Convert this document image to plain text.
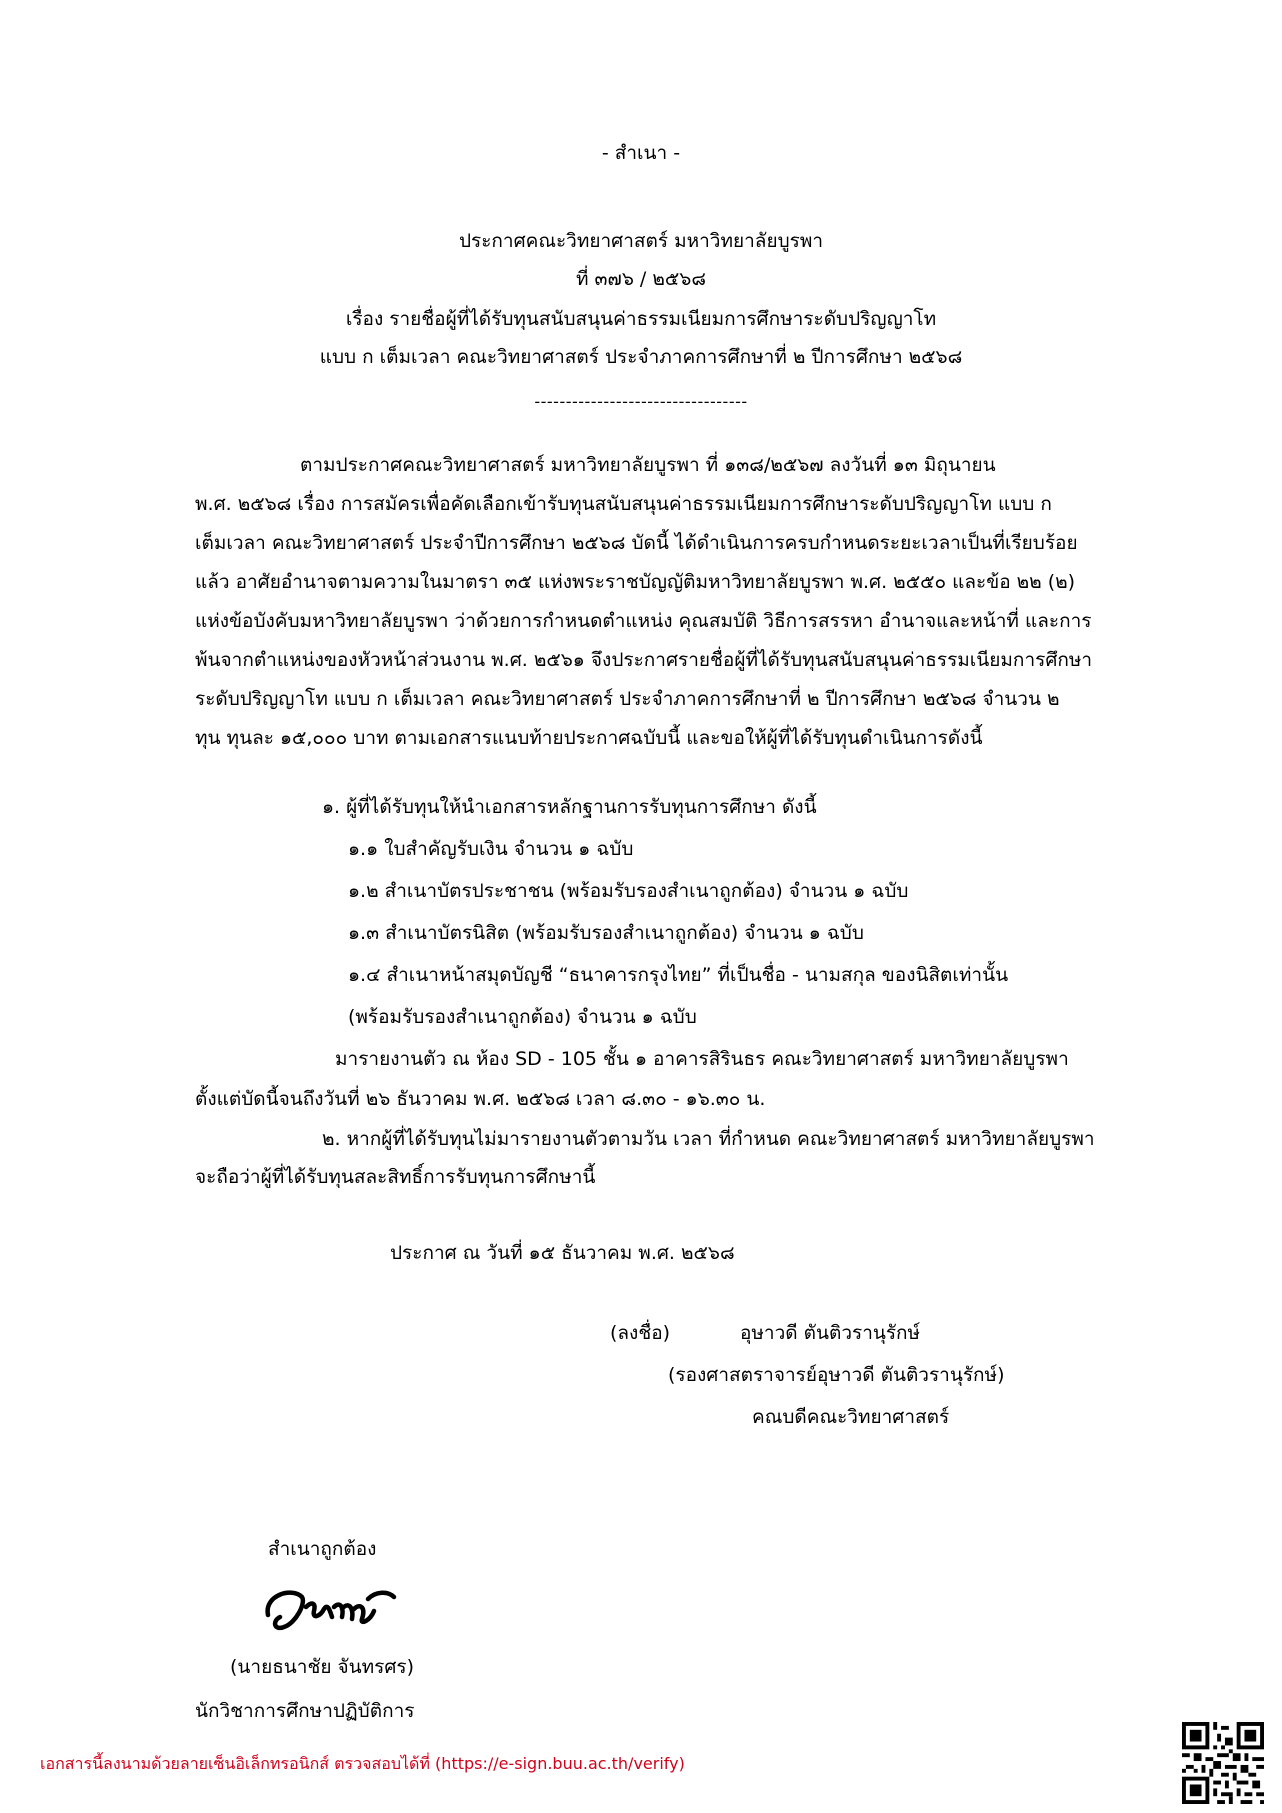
- สำเนา -
ประกาศคณะวิทยาศาสตร์ มหาวิทยาลัยบูรพา
ที่ ๓๗๖ / ๒๕๖๘
เรื่อง รายชื่อผู้ที่ได้รับทุนสนับสนุนค่าธรรมเนียมการศึกษาระดับปริญญาโท
แบบ ก เต็มเวลา คณะวิทยาศาสตร์ ประจำภาคการศึกษาที่ ๒ ปีการศึกษา ๒๕๖๘
----------------------------------
ตามประกาศคณะวิทยาศาสตร์ มหาวิทยาลัยบูรพา ที่ ๑๓๘/๒๕๖๗ ลงวันที่ ๑๓ มิถุนายน
พ.ศ. ๒๕๖๘ เรื่อง การสมัครเพื่อคัดเลือกเข้ารับทุนสนับสนุนค่าธรรมเนียมการศึกษาระดับปริญญาโท แบบ ก
เต็มเวลา คณะวิทยาศาสตร์ ประจำปีการศึกษา ๒๕๖๘ บัดนี้ ได้ดำเนินการครบกำหนดระยะเวลาเป็นที่เรียบร้อย
แล้ว อาศัยอำนาจตามความในมาตรา ๓๕ แห่งพระราชบัญญัติมหาวิทยาลัยบูรพา พ.ศ. ๒๕๕๐ และข้อ ๒๒ (๒)
แห่งข้อบังคับมหาวิทยาลัยบูรพา ว่าด้วยการกำหนดตำแหน่ง คุณสมบัติ วิธีการสรรหา อำนาจและหน้าที่ และการ
พ้นจากตำแหน่งของหัวหน้าส่วนงาน พ.ศ. ๒๕๖๑ จึงประกาศรายชื่อผู้ที่ได้รับทุนสนับสนุนค่าธรรมเนียมการศึกษา
ระดับปริญญาโท แบบ ก เต็มเวลา คณะวิทยาศาสตร์ ประจำภาคการศึกษาที่ ๒ ปีการศึกษา ๒๕๖๘ จำนวน ๒
ทุน ทุนละ ๑๕,๐๐๐ บาท ตามเอกสารแนบท้ายประกาศฉบับนี้ และขอให้ผู้ที่ได้รับทุนดำเนินการดังนี้
๑. ผู้ที่ได้รับทุนให้นำเอกสารหลักฐานการรับทุนการศึกษา ดังนี้
๑.๑ ใบสำคัญรับเงิน จำนวน ๑ ฉบับ
๑.๒ สำเนาบัตรประชาชน (พร้อมรับรองสำเนาถูกต้อง) จำนวน ๑ ฉบับ
๑.๓ สำเนาบัตรนิสิต (พร้อมรับรองสำเนาถูกต้อง) จำนวน ๑ ฉบับ
๑.๔ สำเนาหน้าสมุดบัญชี “ธนาคารกรุงไทย” ที่เป็นชื่อ - นามสกุล ของนิสิตเท่านั้น
(พร้อมรับรองสำเนาถูกต้อง) จำนวน ๑ ฉบับ
มารายงานตัว ณ ห้อง SD - 105 ชั้น ๑ อาคารสิรินธร คณะวิทยาศาสตร์ มหาวิทยาลัยบูรพา
ตั้งแต่บัดนี้จนถึงวันที่ ๒๖ ธันวาคม พ.ศ. ๒๕๖๘ เวลา ๘.๓๐ - ๑๖.๓๐ น.
๒. หากผู้ที่ได้รับทุนไม่มารายงานตัวตามวัน เวลา ที่กำหนด คณะวิทยาศาสตร์ มหาวิทยาลัยบูรพา
จะถือว่าผู้ที่ได้รับทุนสละสิทธิ์การรับทุนการศึกษานี้
ประกาศ ณ วันที่ ๑๕ ธันวาคม พ.ศ. ๒๕๖๘
(ลงชื่อ)	อุษาวดี ตันติวรานุรักษ์
(รองศาสตราจารย์อุษาวดี ตันติวรานุรักษ์)
คณบดีคณะวิทยาศาสตร์
สำเนาถูกต้อง
(นายธนาชัย จันทรศร)
นักวิชาการศึกษาปฏิบัติการ
เอกสารนี้ลงนามด้วยลายเซ็นอิเล็กทรอนิกส์ ตรวจสอบได้ที่ (https://e-sign.buu.ac.th/verify)
